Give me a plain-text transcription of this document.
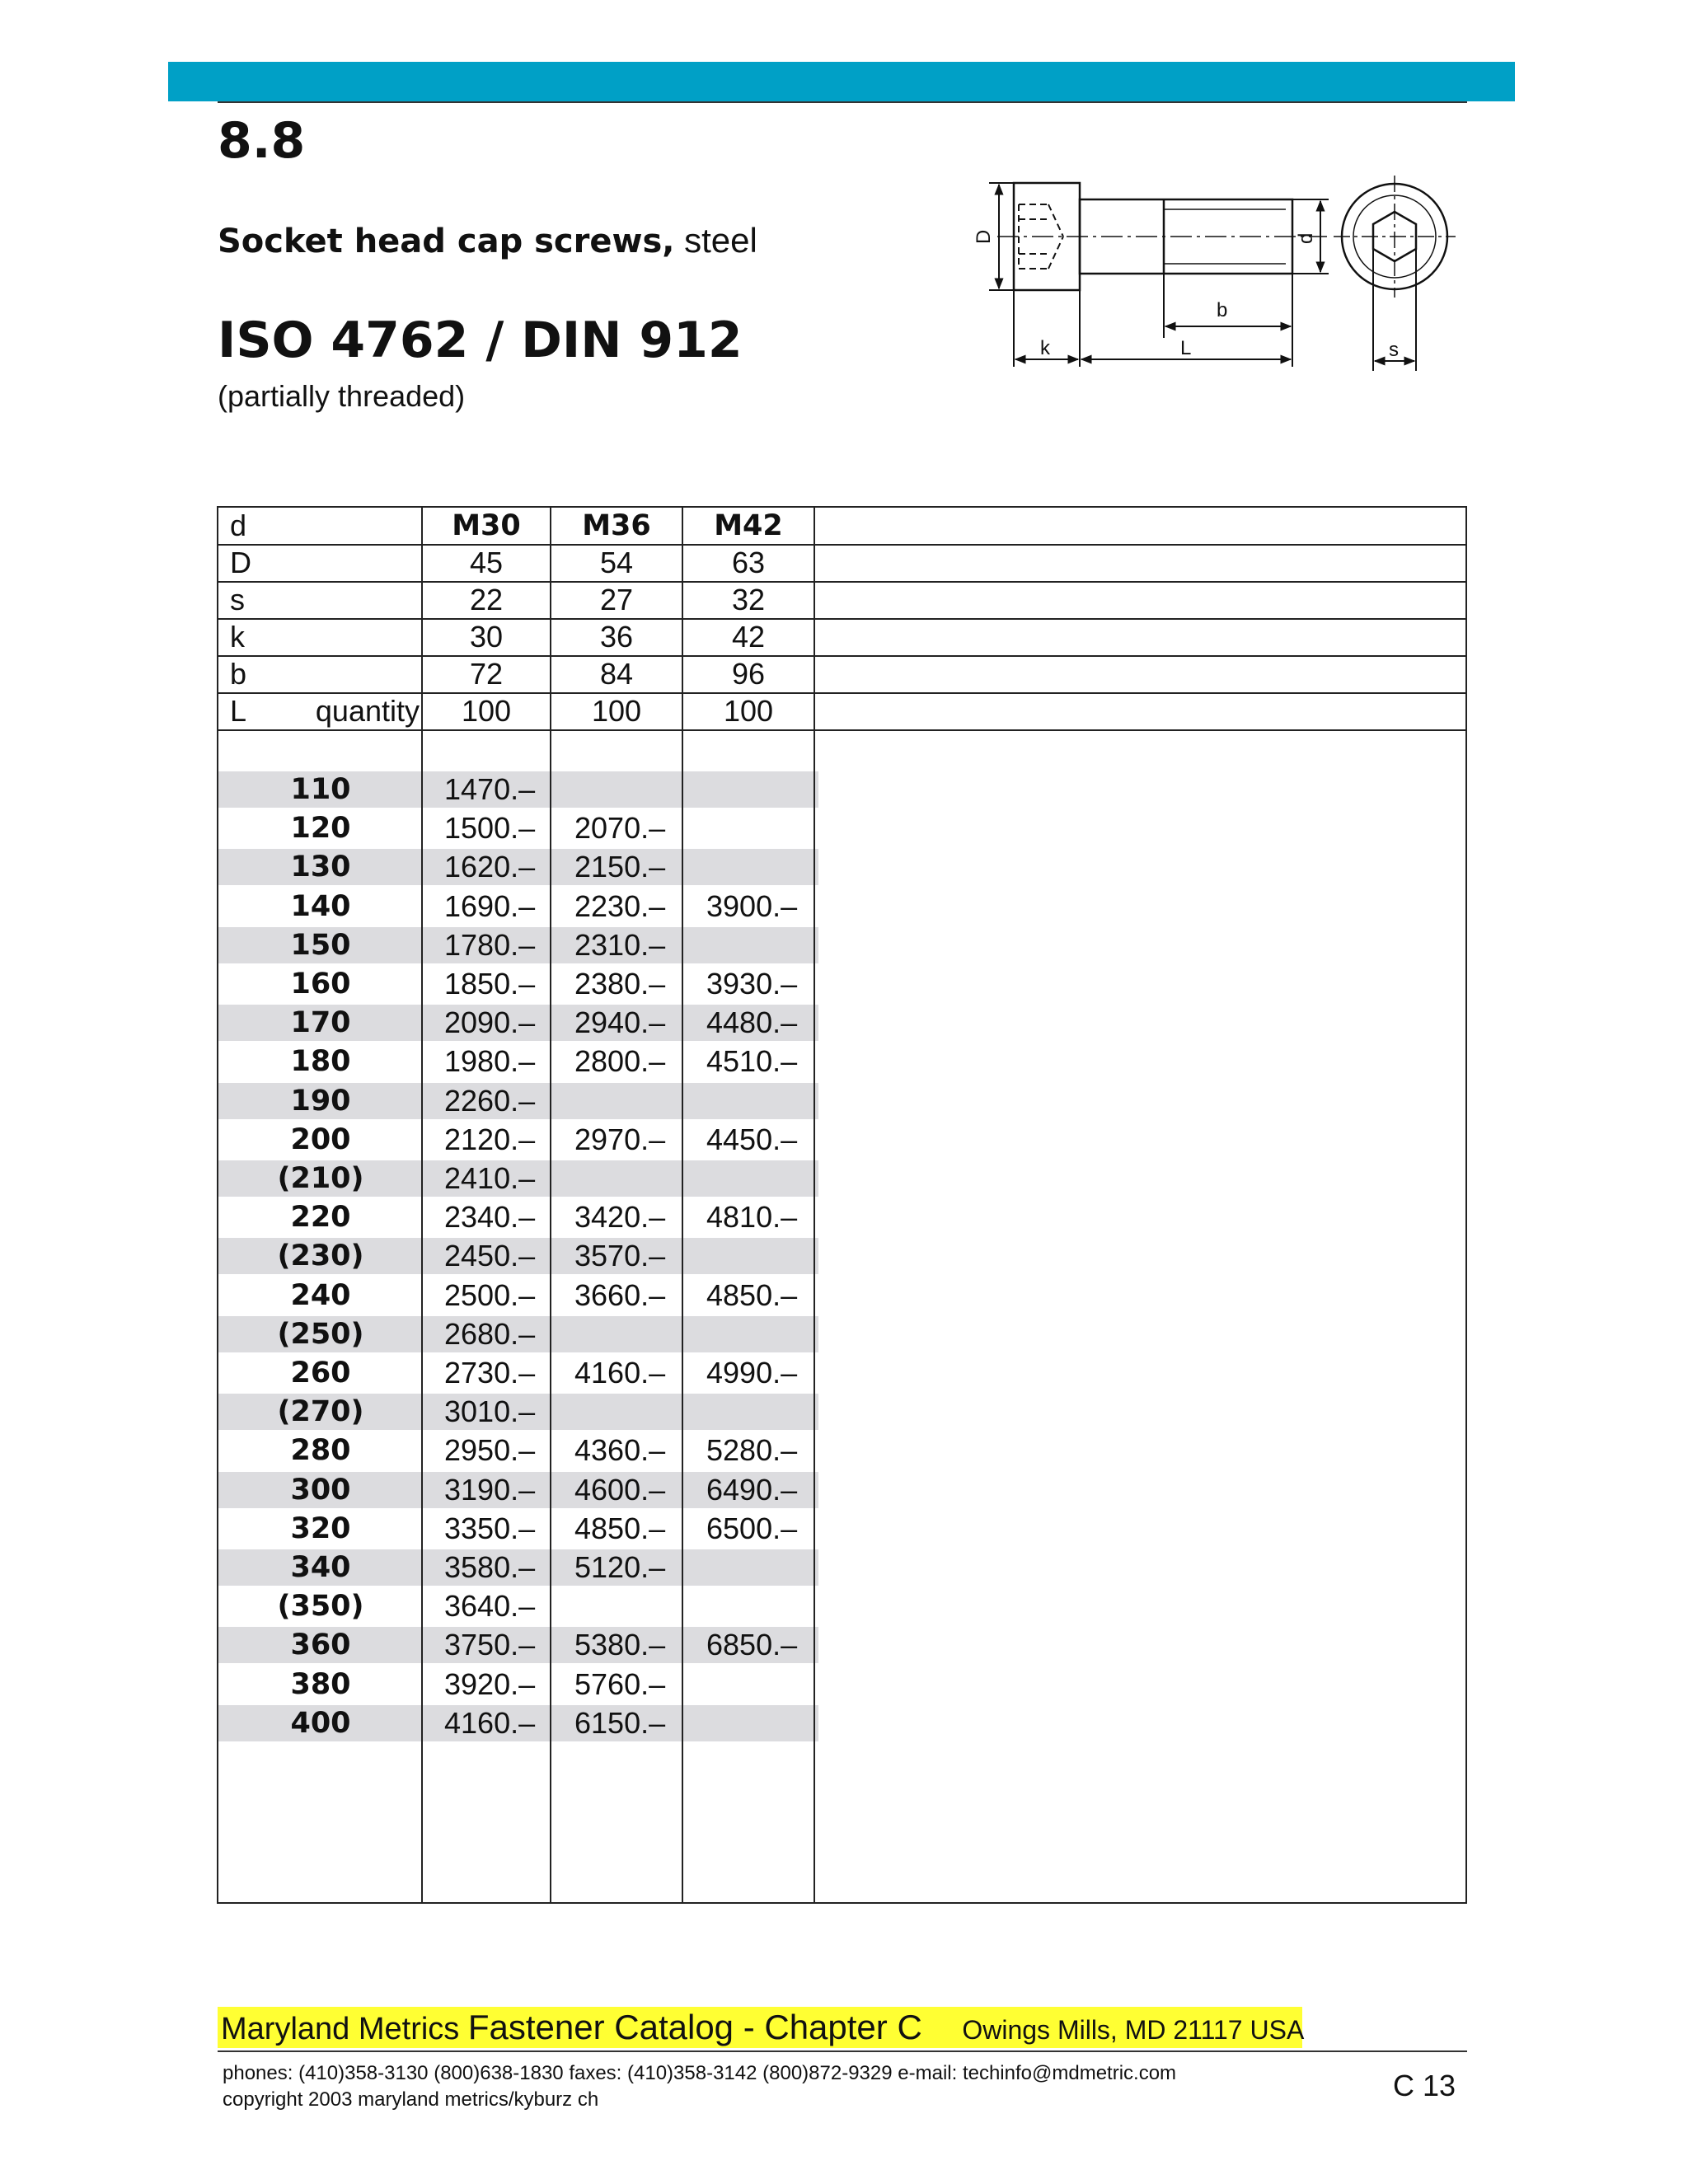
8.8
Socket head cap screws, steel
ISO 4762 / DIN 912
(partially threaded)
D	d
b
k	L	s
d	M30	M36	M42
D	45	54	63
s	22	27	32
k	30	36	42
b	72	84	96
L	quantity	100	100	100
110	1470.–
120	1500.– 2070.–
130	1620.– 2150.–
140	1690.– 2230.– 3900.–
150	1780.– 2310.–
160	1850.– 2380.– 3930.–
170	2090.– 2940.– 4480.–
180	1980.– 2800.– 4510.–
190	2260.–
200	2120.– 2970.– 4450.–
(210)	2410.–
220	2340.– 3420.– 4810.–
(230)	2450.– 3570.–
240	2500.– 3660.– 4850.–
(250)	2680.–
260	2730.– 4160.– 4990.–
(270)	3010.–
280	2950.– 4360.– 5280.–
300	3190.– 4600.– 6490.–
320	3350.– 4850.– 6500.–
340	3580.– 5120.–
(350)	3640.–
360	3750.– 5380.– 6850.–
380	3920.– 5760.–
400	4160.– 6150.–
Maryland Metrics Fastener Catalog - Chapter C Owings Mills, MD 21117 USA
phones: (410)358-3130 (800)638-1830 faxes: (410)358-3142 (800)872-9329 e-mail: techinfo@mdmetric.com
copyright 2003 maryland metrics/kyburz ch	C 13
